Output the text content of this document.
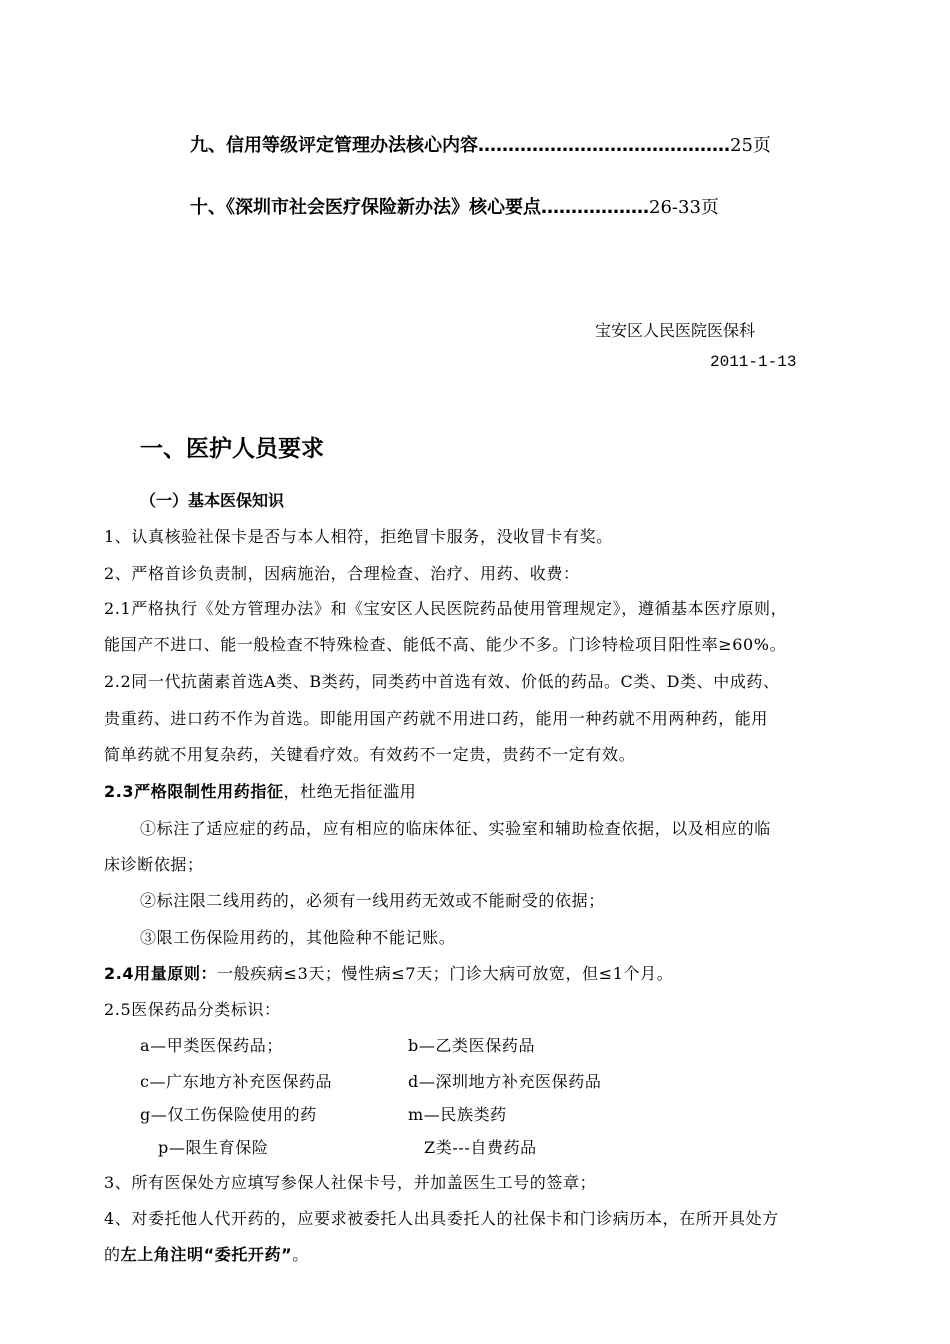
九、信用等级评定管理办法核心内容……………………………………25页
十、《深圳市社会医疗保险新办法》核心要点………………26-33页
宝安区人民医院医保科
2011-1-13
一、医护人员要求
（一）基本医保知识
1、认真核验社保卡是否与本人相符，拒绝冒卡服务，没收冒卡有奖。
2、严格首诊负责制，因病施治，合理检查、治疗、用药、收费：
2.1严格执行《处方管理办法》和《宝安区人民医院药品使用管理规定》，遵循基本医疗原则，
能国产不进口、能一般检查不特殊检查、能低不高、能少不多。门诊特检项目阳性率≥60%。
2.2同一代抗菌素首选A类、B类药，同类药中首选有效、价低的药品。C类、D类、中成药、
贵重药、进口药不作为首选。即能用国产药就不用进口药，能用一种药就不用两种药，能用
简单药就不用复杂药，关键看疗效。有效药不一定贵，贵药不一定有效。
2.3严格限制性用药指征，杜绝无指征滥用
①标注了适应症的药品，应有相应的临床体征、实验室和辅助检查依据，以及相应的临
床诊断依据；
②标注限二线用药的，必须有一线用药无效或不能耐受的依据；
③限工伤保险用药的，其他险种不能记账。
2.4用量原则：一般疾病≤3天；慢性病≤7天；门诊大病可放宽，但≤1个月。
2.5医保药品分类标识：
a—甲类医保药品；	b—乙类医保药品
c—广东地方补充医保药品	d—深圳地方补充医保药品
g—仅工伤保险使用的药	m—民族类药
p—限生育保险	Z类---自费药品
3、所有医保处方应填写参保人社保卡号，并加盖医生工号的签章；
4、对委托他人代开药的，应要求被委托人出具委托人的社保卡和门诊病历本，在所开具处方
的左上角注明“委托开药”。
